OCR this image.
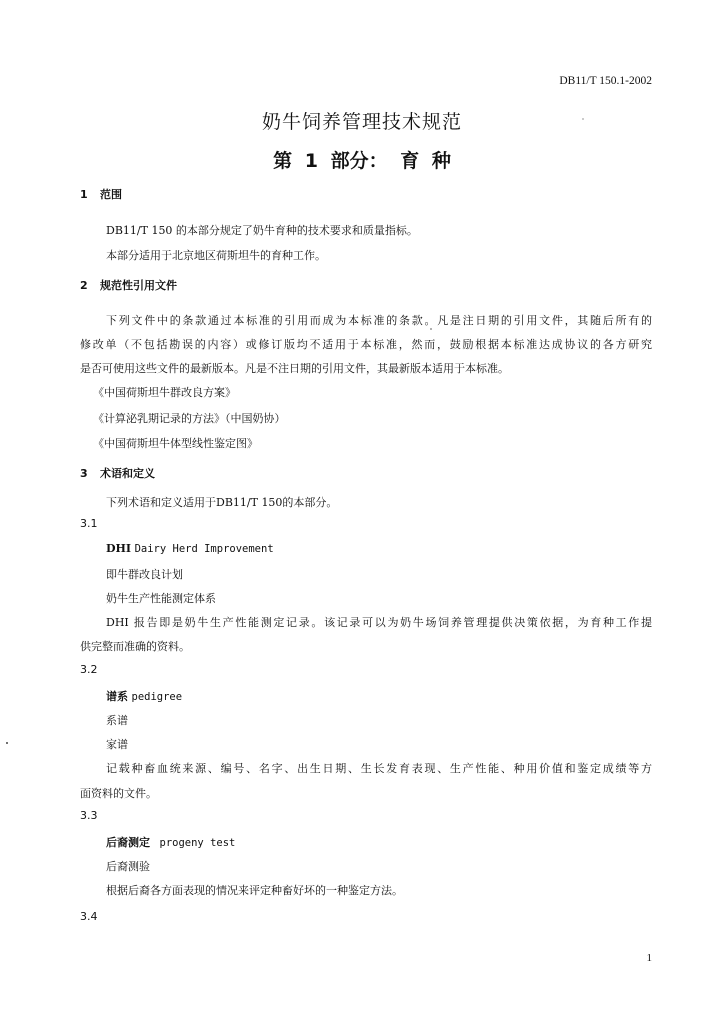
DB11/T 150.1-2002
奶牛饲养管理技术规范
第 1 部分： 育 种
1 范围
DB11/T 150 的本部分规定了奶牛育种的技术要求和质量指标。
本部分适用于北京地区荷斯坦牛的育种工作。
2 规范性引用文件
下列文件中的条款通过本标准的引用而成为本标准的条款。凡是注日期的引用文件，其随后所有的
修改单（不包括勘误的内容）或修订版均不适用于本标准，然而，鼓励根据本标准达成协议的各方研究
是否可使用这些文件的最新版本。凡是不注日期的引用文件，其最新版本适用于本标准。
《中国荷斯坦牛群改良方案》
《计算泌乳期记录的方法》（中国奶协）
《中国荷斯坦牛体型线性鉴定图》
3 术语和定义
下列术语和定义适用于DB11/T 150的本部分。
3.1
DHI Dairy Herd Improvement
即牛群改良计划
奶牛生产性能测定体系
DHI 报告即是奶牛生产性能测定记录。该记录可以为奶牛场饲养管理提供决策依据，为育种工作提
供完整而准确的资料。
3.2
谱系 pedigree
系谱
家谱
记载种畜血统来源、编号、名字、出生日期、生长发育表现、生产性能、种用价值和鉴定成绩等方
面资料的文件。
3.3
后裔测定 progeny test
后裔测验
根据后裔各方面表现的情况来评定种畜好坏的一种鉴定方法。
3.4
1
